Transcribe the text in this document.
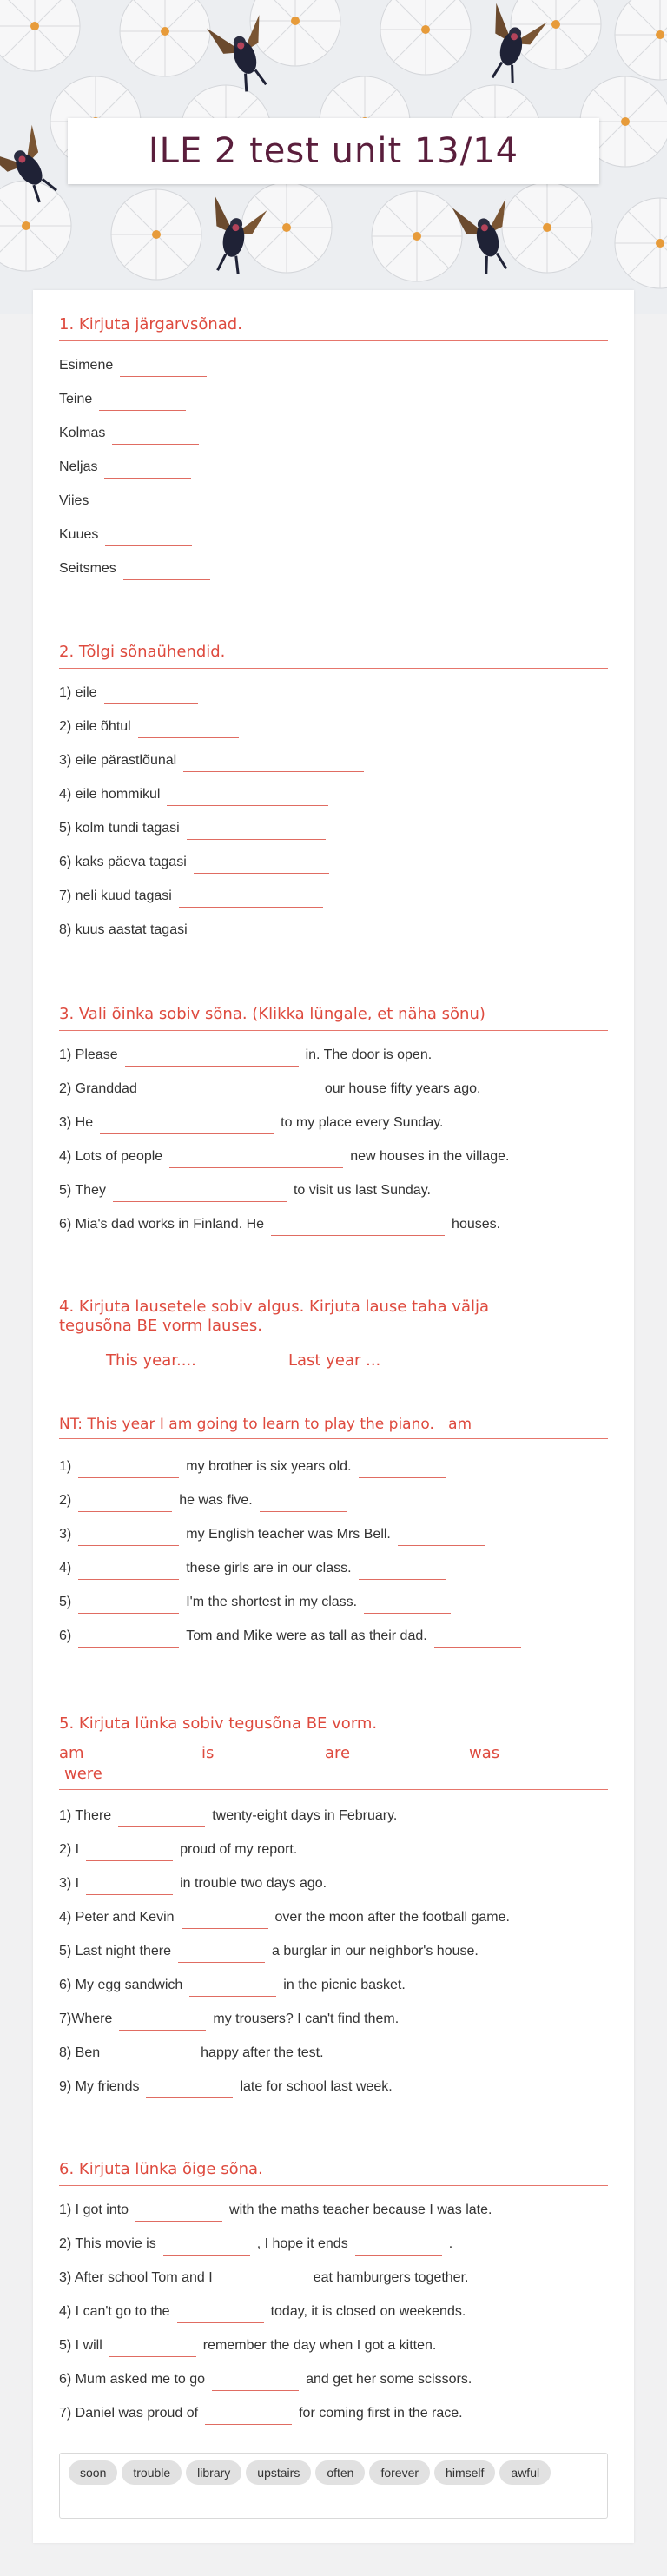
ILE 2 test unit 13/14
1. Kirjuta järgarvsõnad.
Esimene
Teine
Kolmas
Neljas
Viies
Kuues
Seitsmes
2. Tõlgi sõnaühendid.
1) eile
2) eile õhtul
3) eile pärastlõunal
4) eile hommikul
5) kolm tundi tagasi
6) kaks päeva tagasi
7) neli kuud tagasi
8) kuus aastat tagasi
3. Vali õinka sobiv sõna. (Klikka lüngale, et näha sõnu)
1) Please	in. The door is open.
2) Granddad	our house fifty years ago.
3) He	to my place every Sunday.
4) Lots of people	new houses in the village.
5) They	to visit us last Sunday.
6) Mia's dad works in Finland. He	houses.
4. Kirjuta lausetele sobiv algus. Kirjuta lause taha välja
tegusõna BE vorm lauses.
This year....	Last year ...
NT: This year I am going to learn to play the piano. am
1)	my brother is six years old.
2)	he was five.
3)	my English teacher was Mrs Bell.
4)	these girls are in our class.
5)	I'm the shortest in my class.
6)	Tom and Mike were as tall as their dad.
5. Kirjuta lünka sobiv tegusõna BE vorm.
am	is	are	was
were
1) There	twenty-eight days in February.
2) I	proud of my report.
3) I	in trouble two days ago.
4) Peter and Kevin	over the moon after the football game.
5) Last night there	a burglar in our neighbor's house.
6) My egg sandwich	in the picnic basket.
7)Where	my trousers? I can't find them.
8) Ben	happy after the test.
9) My friends	late for school last week.
6. Kirjuta lünka õige sõna.
1) I got into	with the maths teacher because I was late.
2) This movie is	, I hope it ends	.
3) After school Tom and I	eat hamburgers together.
4) I can't go to the	today, it is closed on weekends.
5) I will	remember the day when I got a kitten.
6) Mum asked me to go	and get her some scissors.
7) Daniel was proud of	for coming first in the race.
soon trouble library upstairs often forever himself awful
